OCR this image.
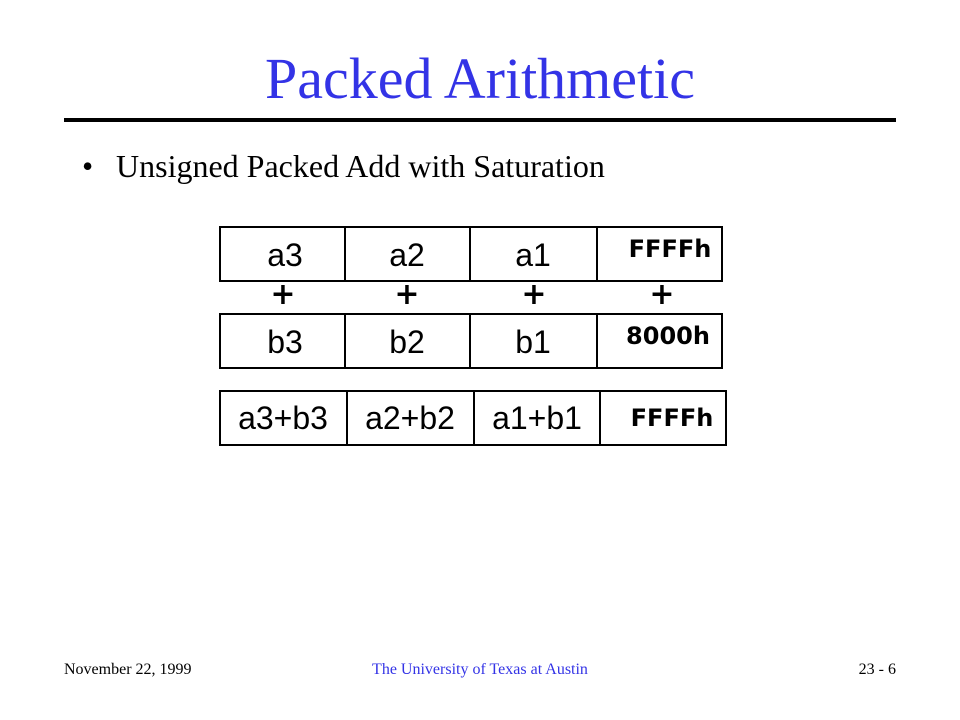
Packed Arithmetic
• Unsigned Packed Add with Saturation
a3	a2	a1	FFFFh
+	+	+	+
b3	b2	b1	8000h
a3+b3 a2+b2 a1+b1 FFFFh
November 22, 1999	The University of Texas at Austin	23 - 6
